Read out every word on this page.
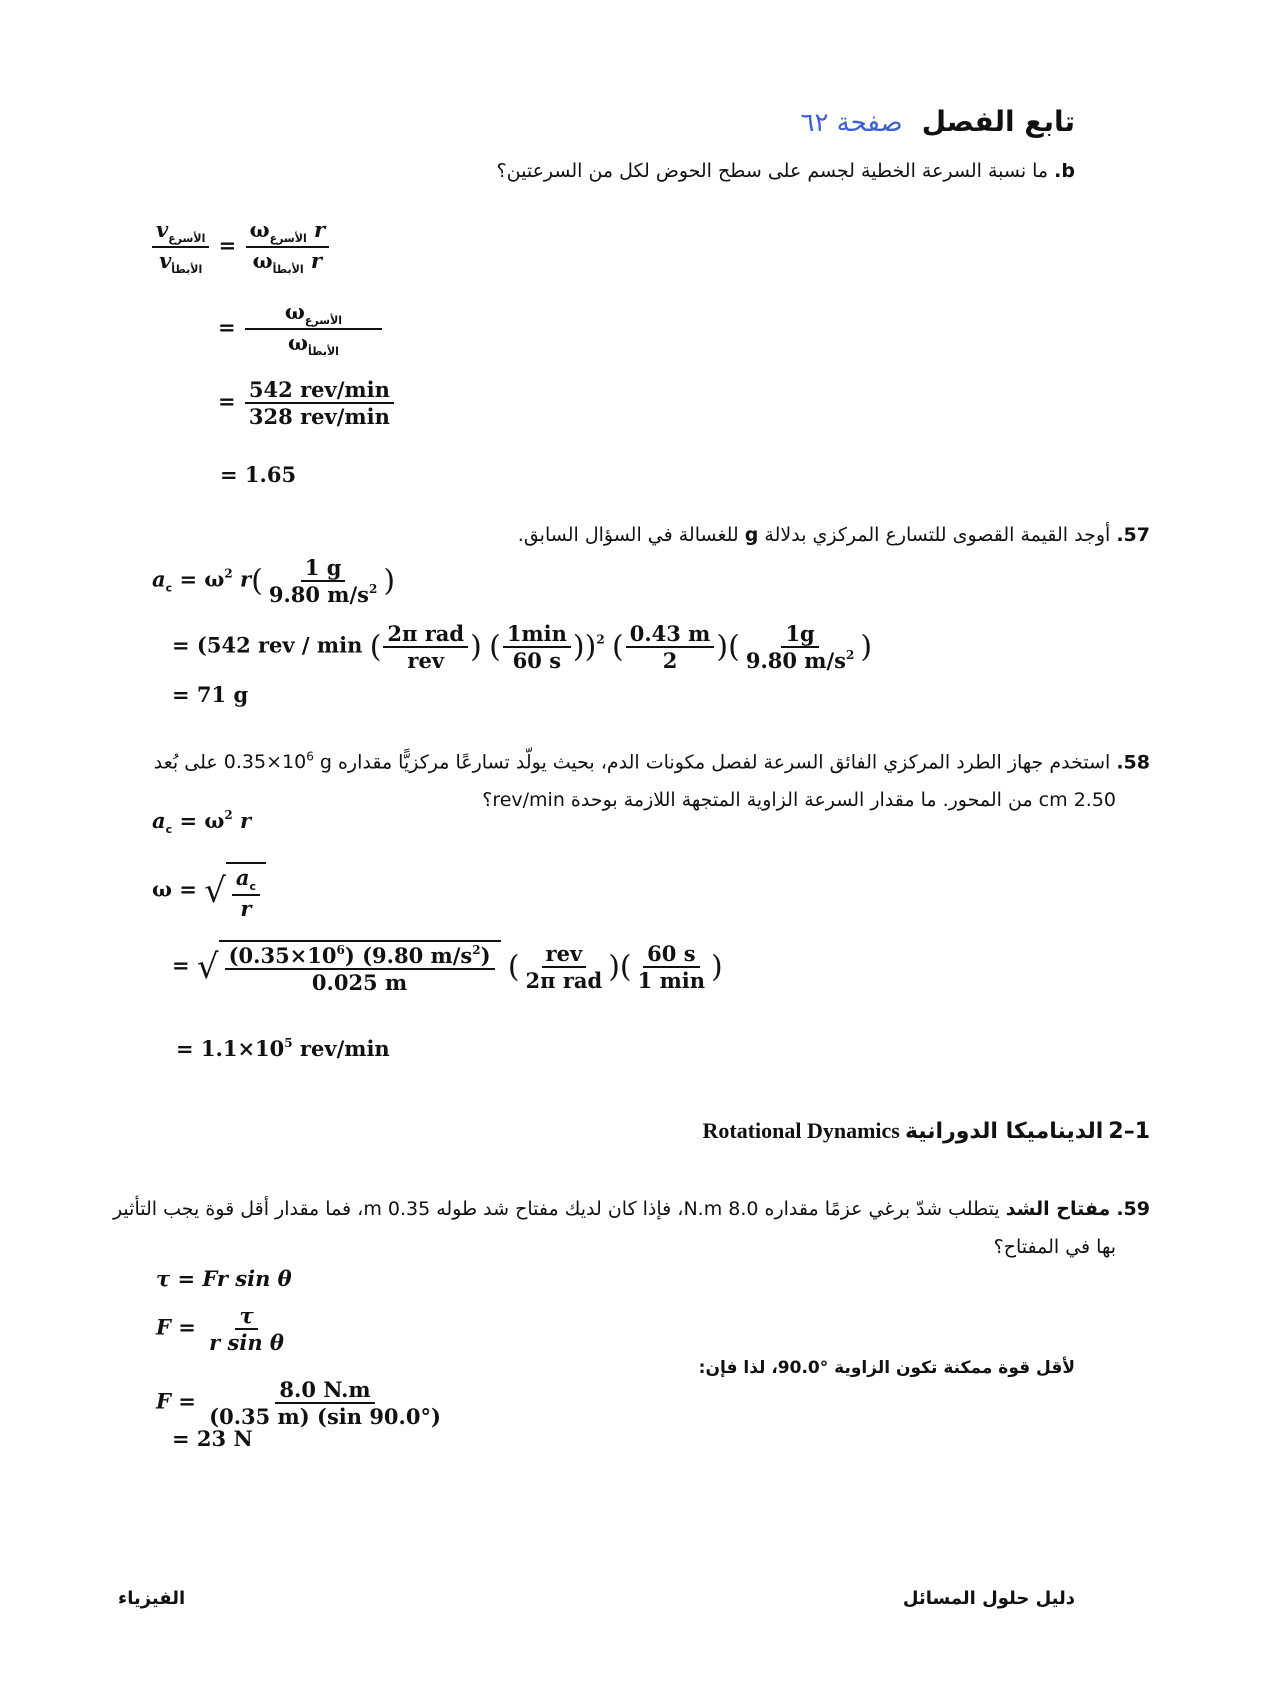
تابع الفصل صفحة ٦٢
b. ما نسبة السرعة الخطية لجسم على سطح الحوض لكل من السرعتين؟
$\frac{v_{الأسرع}}{v_{الأبطأ}} = \frac{\omega_{الأسرع} r}{\omega_{الأبطأ} r}$
= $\frac{\omega_{الأسرع}}{\omega_{الأبطأ}}$
= $\frac{\text{542 rev/min}}{\text{328 rev/min}}$
= 1.65
57. أوجد القيمة القصوى للتسارع المركزي بدلالة g للغسالة في السؤال السابق.
$a_c = \omega^2$ $r( \frac{1 g}{9.80 m/s^2}$ )
= (542 rev / min ( $\frac{\text{2π rad}}{\text{rev}}$ ) ( $\frac{1\min}{60 s} ))^2$ ( $\frac{0.43 m}{2}$ )( $\frac{1g}{9.80 m/s^2}$ )
= 71 g
58. استخدم جهاز الطرد المركزي الفائق السرعة لفصل مكونات الدم، بحيث يولّد تسارعًا مركزيًّا مقداره g $0.35\times 10^6$ على بُعد
2.50 cm من المحور. ما مقدار السرعة الزاوية المتجهة اللازمة بوحدة rev/min؟
$a_c = \omega^2$ r
ω = √ $\frac{a_c}{r}$
= √ $\frac{(0.35\times 10^6) (9.80 m/s^2)}{0.025 m}$ ( $\frac{\text{rev}}{\text{2π rad}}$ )( $\frac{60 s}{1 \min}$ )
= $1.1\times 10^5$ rev/min
1–2 الديناميكا الدورانية Rotational Dynamics
59. مفتاح الشد يتطلب شدّ برغي عزمًا مقداره 8.0 N.m، فإذا كان لديك مفتاح شد طوله 0.35 m، فما مقدار أقل قوة يجب التأثير
بها في المفتاح؟
τ = Fr sin θ
$F = \frac{\tau}{\text{r sin θ}}$
لأقل قوة ممكنة تكون الزاوية °90.0، لذا فإن:
$F = \frac{8.0 N.m}{(0.35 m) (\sin 90.0^\circ)}$
= 23 N
دليل حلول المسائل
الفيزياء
